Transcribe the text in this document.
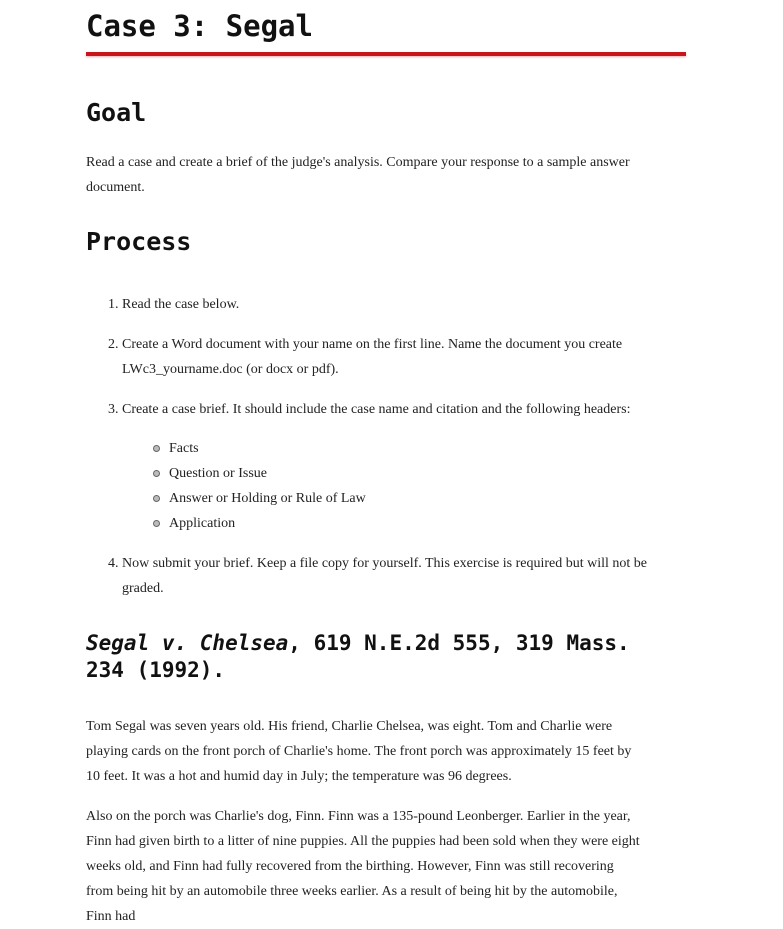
Case 3: Segal
Goal

Read a case and create a brief of the judge's analysis. Compare your response to a sample answer document.

Process
1. Read the case below.
2. Create a Word document with your name on the first line. Name the document you create LWc3_yourname.doc (or docx or pdf).
3. Create a case brief. It should include the case name and citation and the following headers:
Facts
Question or Issue
Answer or Holding or Rule of Law
Application
4. Now submit your brief. Keep a file copy for yourself. This exercise is required but will not be graded.
Segal v. Chelsea, 619 N.E.2d 555, 319 Mass. 234 (1992).

Tom Segal was seven years old. His friend, Charlie Chelsea, was eight. Tom and Charlie were playing cards on the front porch of Charlie's home. The front porch was approximately 15 feet by 10 feet. It was a hot and humid day in July; the temperature was 96 degrees.

Also on the porch was Charlie's dog, Finn. Finn was a 135-pound Leonberger. Earlier in the year, Finn had given birth to a litter of nine puppies. All the puppies had been sold when they were eight weeks old, and Finn had fully recovered from the birthing. However, Finn was still recovering from being hit by an automobile three weeks earlier. As a result of being hit by the automobile, Finn had
